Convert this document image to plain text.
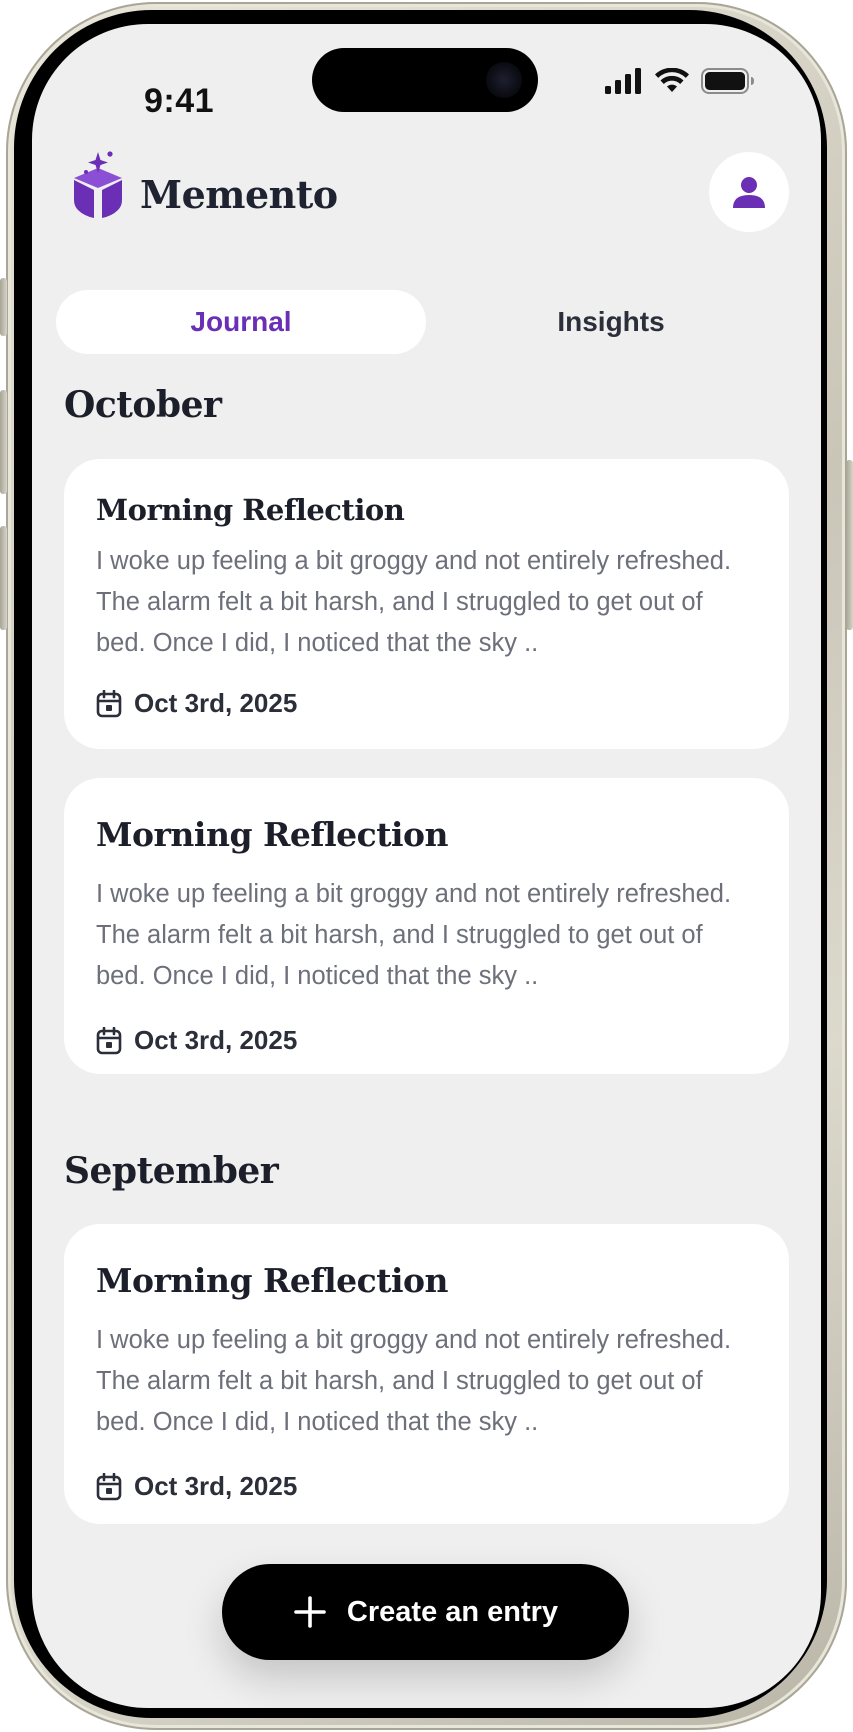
9:41
Memento
Journal	Insights
October
Morning Reflection
I woke up feeling a bit groggy and not entirely refreshed. The alarm felt a bit harsh, and I struggled to get out of bed. Once I did, I noticed that the sky ..
Oct 3rd, 2025
Morning Reflection
I woke up feeling a bit groggy and not entirely refreshed. The alarm felt a bit harsh, and I struggled to get out of bed. Once I did, I noticed that the sky ..
Oct 3rd, 2025
September
Morning Reflection
I woke up feeling a bit groggy and not entirely refreshed. The alarm felt a bit harsh, and I struggled to get out of bed. Once I did, I noticed that the sky ..
Oct 3rd, 2025
Create an entry
